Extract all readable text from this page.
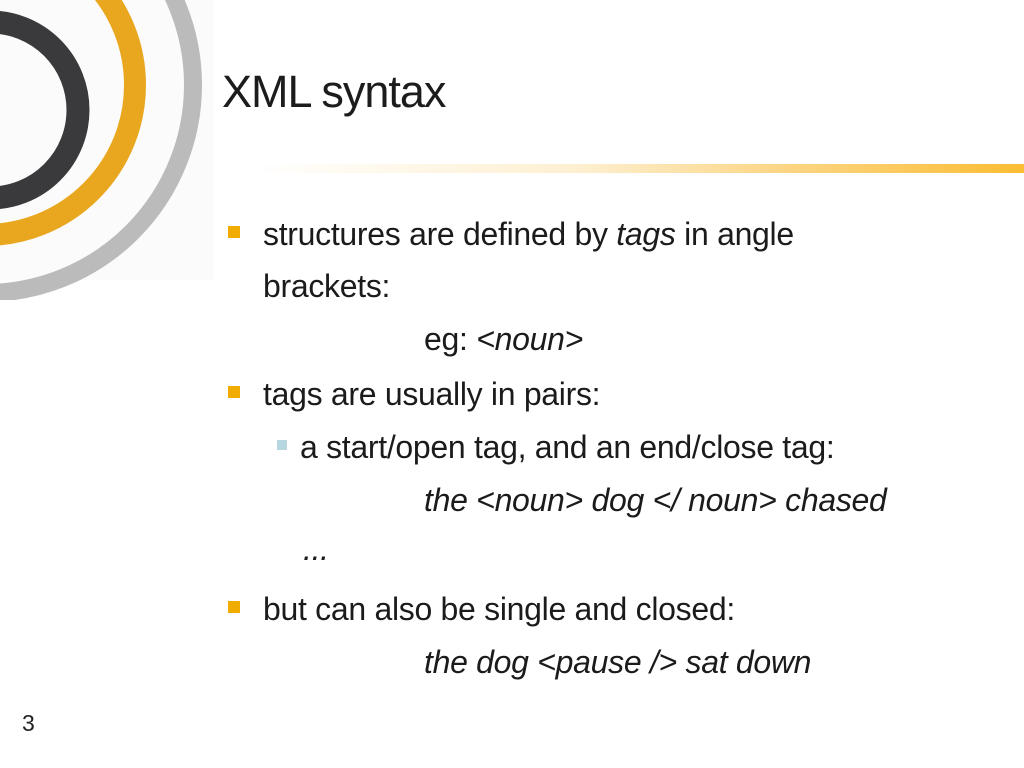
XML syntax
structures are defined by tags in angle
brackets:
eg: <noun>
tags are usually in pairs:
a start/open tag, and an end/close tag:
the <noun> dog </ noun> chased
...
but can also be single and closed:
the dog <pause /> sat down
3
